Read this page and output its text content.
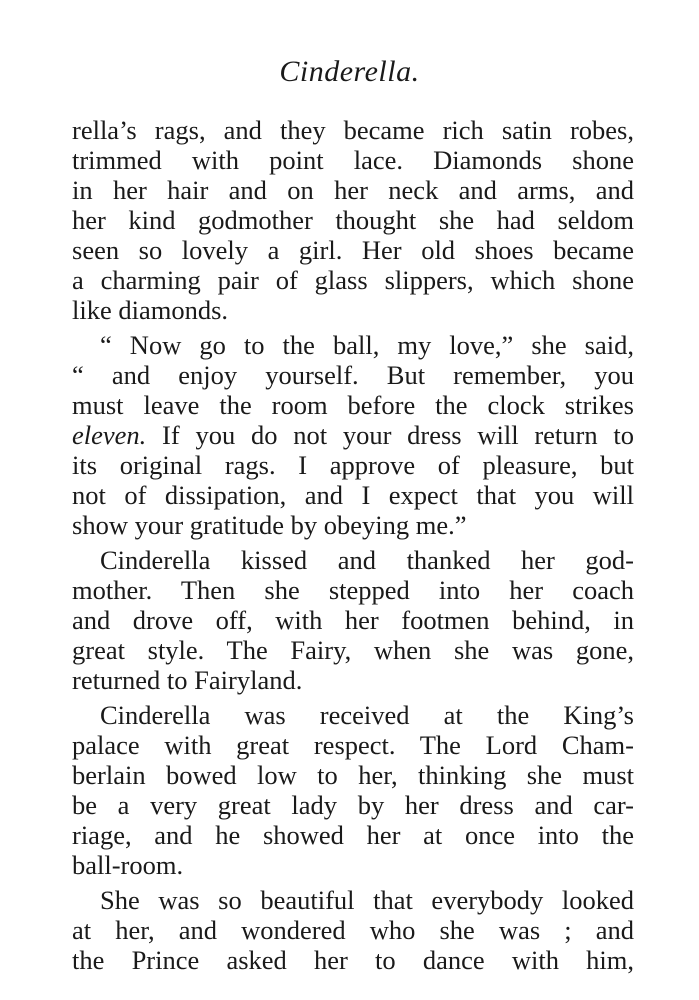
Cinderella.
rella’s rags, and they became rich satin robes,
trimmed with point lace. Diamonds shone
in her hair and on her neck and arms, and
her kind godmother thought she had seldom
seen so lovely a girl. Her old shoes became
a charming pair of glass slippers, which shone
like diamonds.
“ Now go to the ball, my love,” she said,
“ and enjoy yourself. But remember, you
must leave the room before the clock strikes
eleven. If you do not your dress will return to
its original rags. I approve of pleasure, but
not of dissipation, and I expect that you will
show your gratitude by obeying me.”
Cinderella kissed and thanked her god-
mother. Then she stepped into her coach
and drove off, with her footmen behind, in
great style. The Fairy, when she was gone,
returned to Fairyland.
Cinderella was received at the King’s
palace with great respect. The Lord Cham-
berlain bowed low to her, thinking she must
be a very great lady by her dress and car-
riage, and he showed her at once into the
ball-room.
She was so beautiful that everybody looked
at her, and wondered who she was ; and
the Prince asked her to dance with him,
